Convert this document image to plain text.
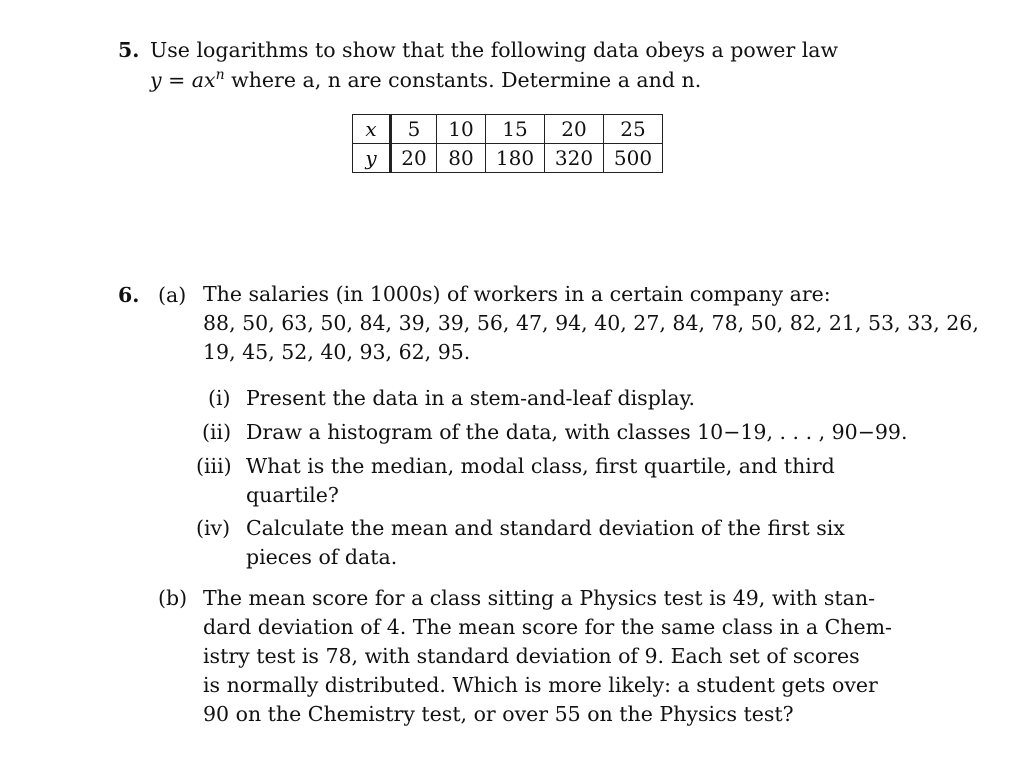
5. Use logarithms to show that the following data obeys a power law
$y = ax^n$ where a, n are constants. Determine a and n.
x	5	10	15	20	25
y	20	80	180	320	500
6. (a) The salaries (in 1000s) of workers in a certain company are:
88, 50, 63, 50, 84, 39, 39, 56, 47, 94, 40, 27, 84, 78, 50, 82, 21, 53, 33, 26,
19, 45, 52, 40, 93, 62, 95.
(i) Present the data in a stem-and-leaf display.
(ii) Draw a histogram of the data, with classes 10−19, . . . , 90−99.
(iii) What is the median, modal class, first quartile, and third
quartile?
(iv) Calculate the mean and standard deviation of the first six
pieces of data.
(b) The mean score for a class sitting a Physics test is 49, with stan-
dard deviation of 4. The mean score for the same class in a Chem-
istry test is 78, with standard deviation of 9. Each set of scores
is normally distributed. Which is more likely: a student gets over
90 on the Chemistry test, or over 55 on the Physics test?
